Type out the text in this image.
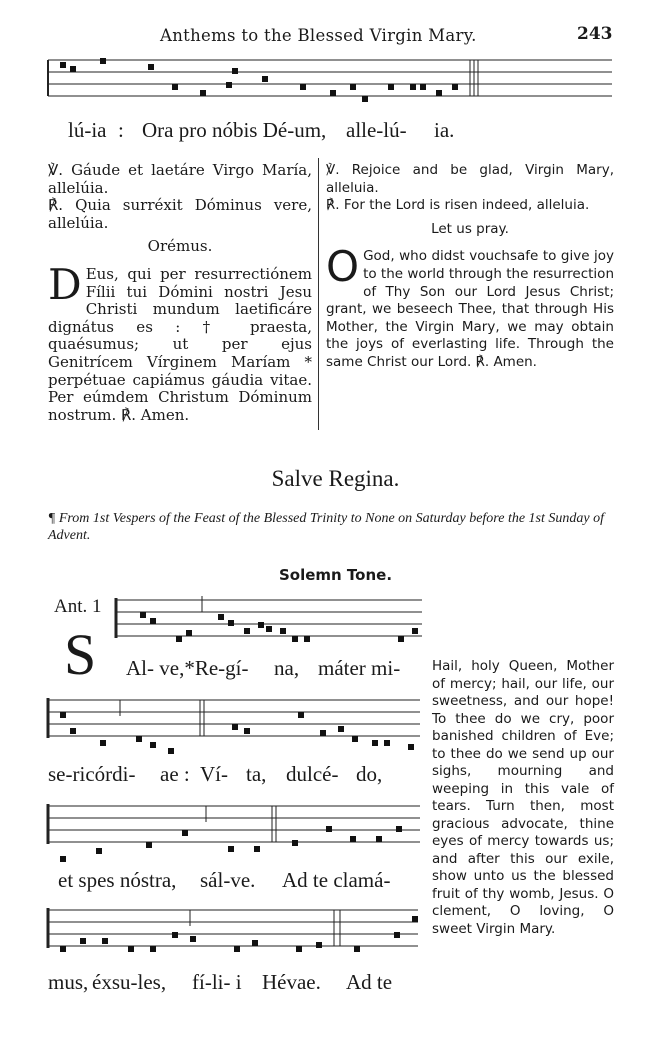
Anthems to the Blessed Virgin Mary.	243
lú-ia : Ora pro nóbis Dé-um, alle-lú- ia.

℣. Gáude et laetáre Virgo María, allelúia.

℟. Quia surréxit Dóminus vere, allelúia.

Orémus.

D Eus, qui per resurrectiónem Fílii tui Dómini nostri Jesu Christi mundum laetificáre dignátus es : † praesta, quaésumus; ut per ejus Genitrícem Vírginem Maríam * perpétuae capiámus gáudia vitae. Per eúmdem Christum Dóminum nostrum. ℟. Amen.

℣. Rejoice and be glad, Virgin Mary, alleluia.

℟. For the Lord is risen indeed, alleluia.

Let us pray.

O God, who didst vouchsafe to give joy to the world through the resurrection of Thy Son our Lord Jesus Christ; grant, we beseech Thee, that through His Mother, the Virgin Mary, we may obtain the joys of everlasting life. Through the same Christ our Lord. ℟. Amen.

Salve Regina.
¶ From 1st Vespers of the Feast of the Blessed Trinity to None on Saturday before the 1st Sunday of Advent.
Solemn Tone.
Ant. 1
S Al- ve,*Re-gí- na, máter mi-
se-ricórdi- ae : Ví- ta, dulcé- do,
et spes nóstra, sál-ve. Ad te clamá-
mus, éxsu-les, fí-li- i Hévae. Ad te
Hail, holy Queen, Mother of mercy; hail, our life, our sweetness, and our hope! To thee do we cry, poor banished children of Eve; to thee do we send up our sighs, mourning and weeping in this vale of tears. Turn then, most gracious advocate, thine eyes of mercy towards us; and after this our exile, show unto us the blessed fruit of thy womb, Jesus. O clement, O loving, O sweet Virgin Mary.
